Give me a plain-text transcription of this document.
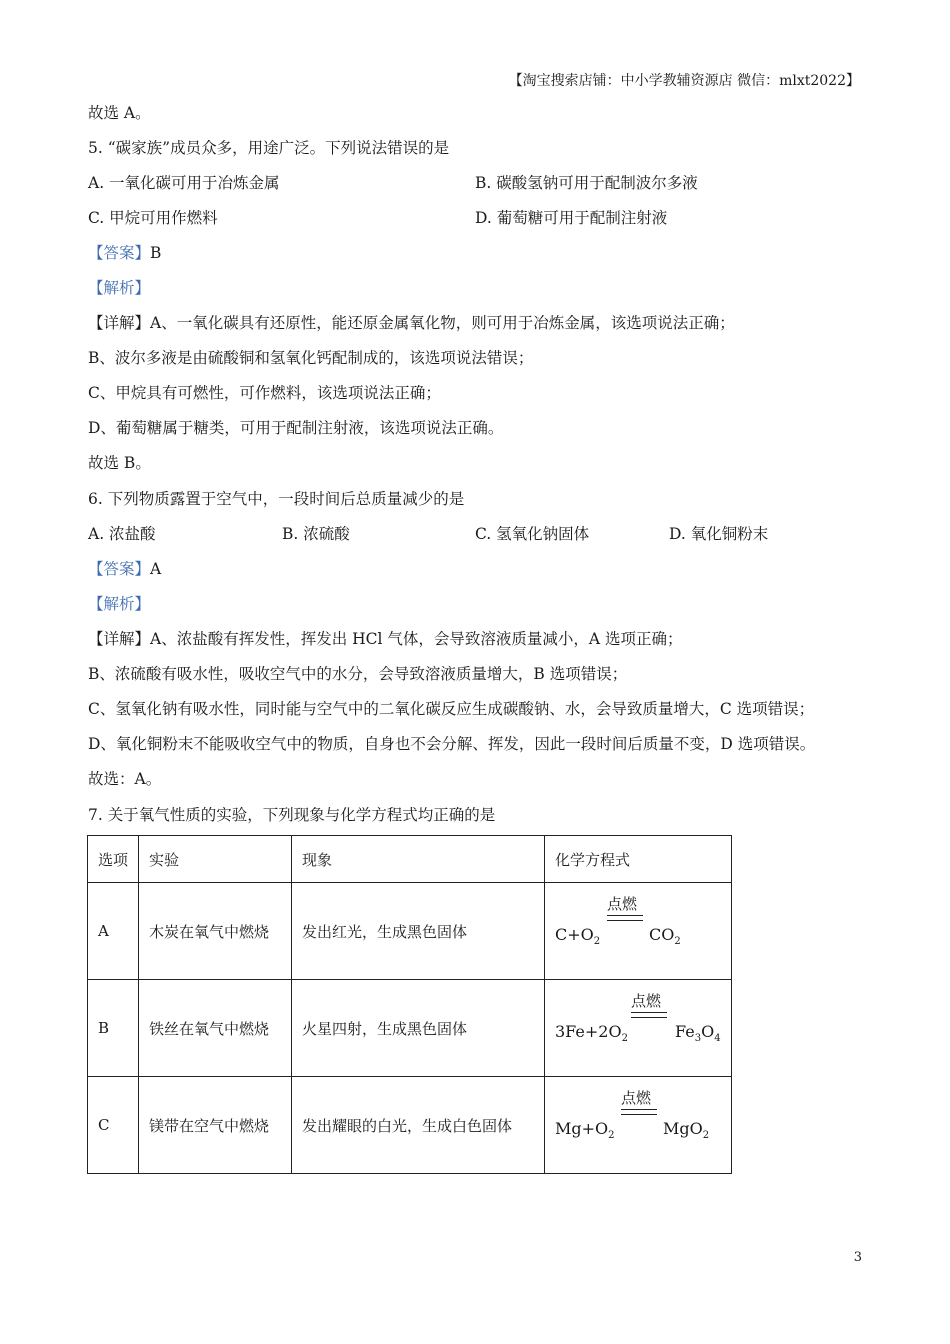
【淘宝搜索店铺：中小学教辅资源店 微信：mlxt2022】
故选 A。
5. “碳家族”成员众多，用途广泛。下列说法错误的是
A. 一氧化碳可用于冶炼金属	B. 碳酸氢钠可用于配制波尔多液
C. 甲烷可用作燃料	D. 葡萄糖可用于配制注射液
【答案】B
【解析】
【详解】A、一氧化碳具有还原性，能还原金属氧化物，则可用于冶炼金属，该选项说法正确；
B、波尔多液是由硫酸铜和氢氧化钙配制成的，该选项说法错误；
C、甲烷具有可燃性，可作燃料，该选项说法正确；
D、葡萄糖属于糖类，可用于配制注射液，该选项说法正确。
故选 B。
6. 下列物质露置于空气中，一段时间后总质量减少的是
A. 浓盐酸	B. 浓硫酸	C. 氢氧化钠固体	D. 氧化铜粉末
【答案】A
【解析】
【详解】A、浓盐酸有挥发性，挥发出 HCl 气体，会导致溶液质量减小，A 选项正确；
B、浓硫酸有吸水性，吸收空气中的水分，会导致溶液质量增大，B 选项错误；
C、氢氧化钠有吸水性，同时能与空气中的二氧化碳反应生成碳酸钠、水，会导致质量增大，C 选项错误；
D、氧化铜粉末不能吸收空气中的物质，自身也不会分解、挥发，因此一段时间后质量不变，D 选项错误。
故选：A。
7. 关于氧气性质的实验，下列现象与化学方程式均正确的是
选项	实验	现象	化学方程式
A	木炭在氧气中燃烧	发出红光，生成黑色固体	点燃
$C+O_2$ $CO_2$

B	铁丝在氧气中燃烧	火星四射，生成黑色固体	点燃
$3Fe+2O_2$ $Fe_3O_4$

C	镁带在空气中燃烧	发出耀眼的白光，生成白色固体	点燃
$Mg+O_2$ MgO$_2$
3
